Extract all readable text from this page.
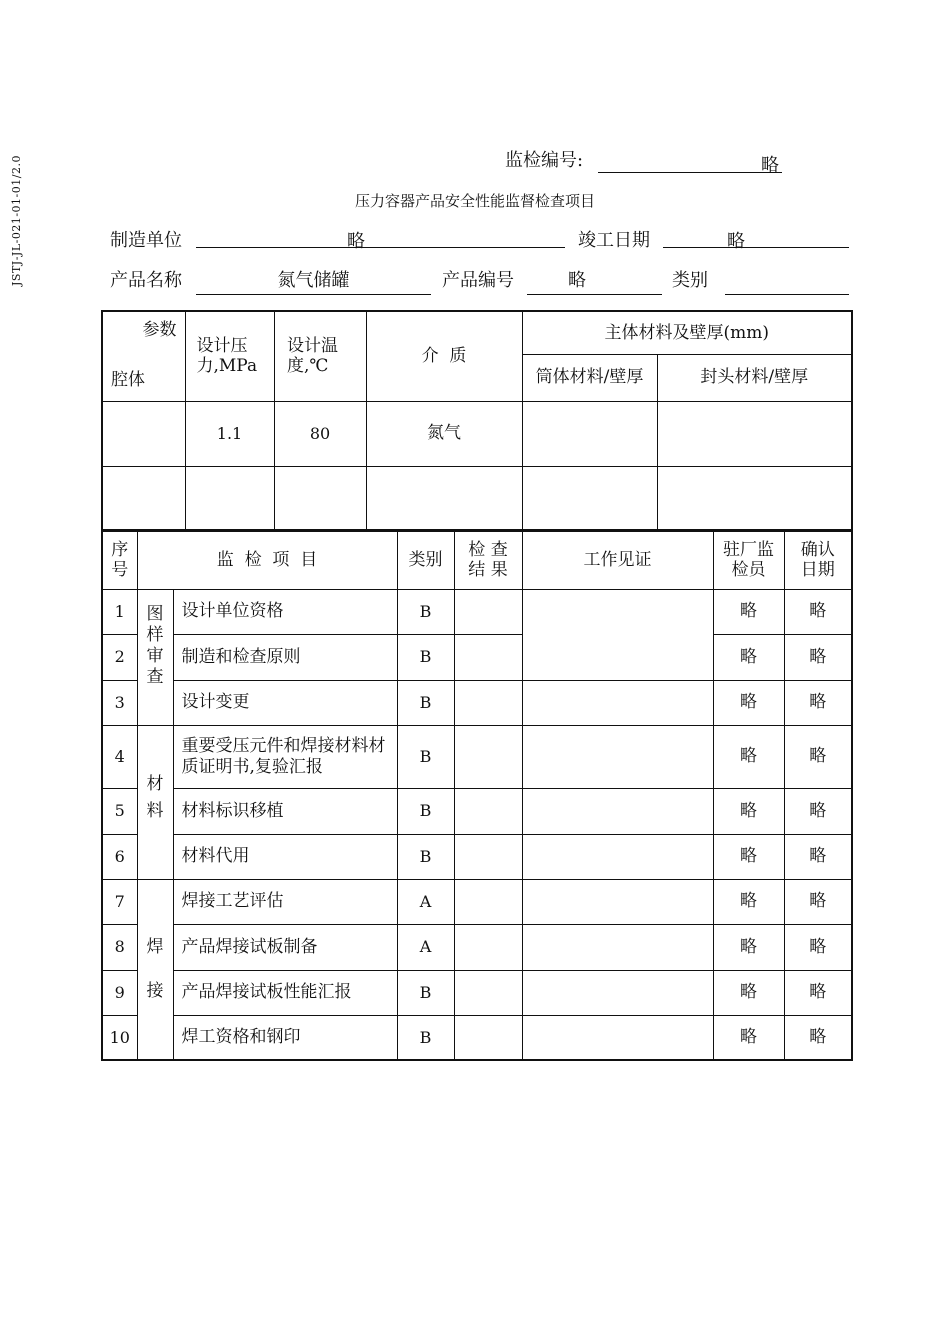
JSTJ-JL-021-01-01/2.0	监检编号:	略
压力容器产品安全性能监督检查项目
制造单位	略	竣工日期	略
产品名称	氮气储罐	产品编号	略	类别
参数
腔体	设计压力,MPa	设计温度,℃	介  质	主体材料及壁厚(mm)	
				筒体材料/壁厚	封头材料/壁厚
	1.1	80	氮气		

序号	监  检  项  目		类别	检 查 结 果	工作见证	驻厂监检员	确认日期

1	图样审查	设计单位资格	B			略	略
2		制造和检查原则	B			略	略
3		设计变更	B			略	略
4	材料	重要受压元件和焊接材料材质证明书,复验汇报	B			略	略
5		材料标识移植	B			略	略
6		材料代用	B			略	略
7	焊接	焊接工艺评估	A			略	略
8		产品焊接试板制备	A			略	略
9		产品焊接试板性能汇报	B			略	略
10		焊工资格和钢印	B			略	略
